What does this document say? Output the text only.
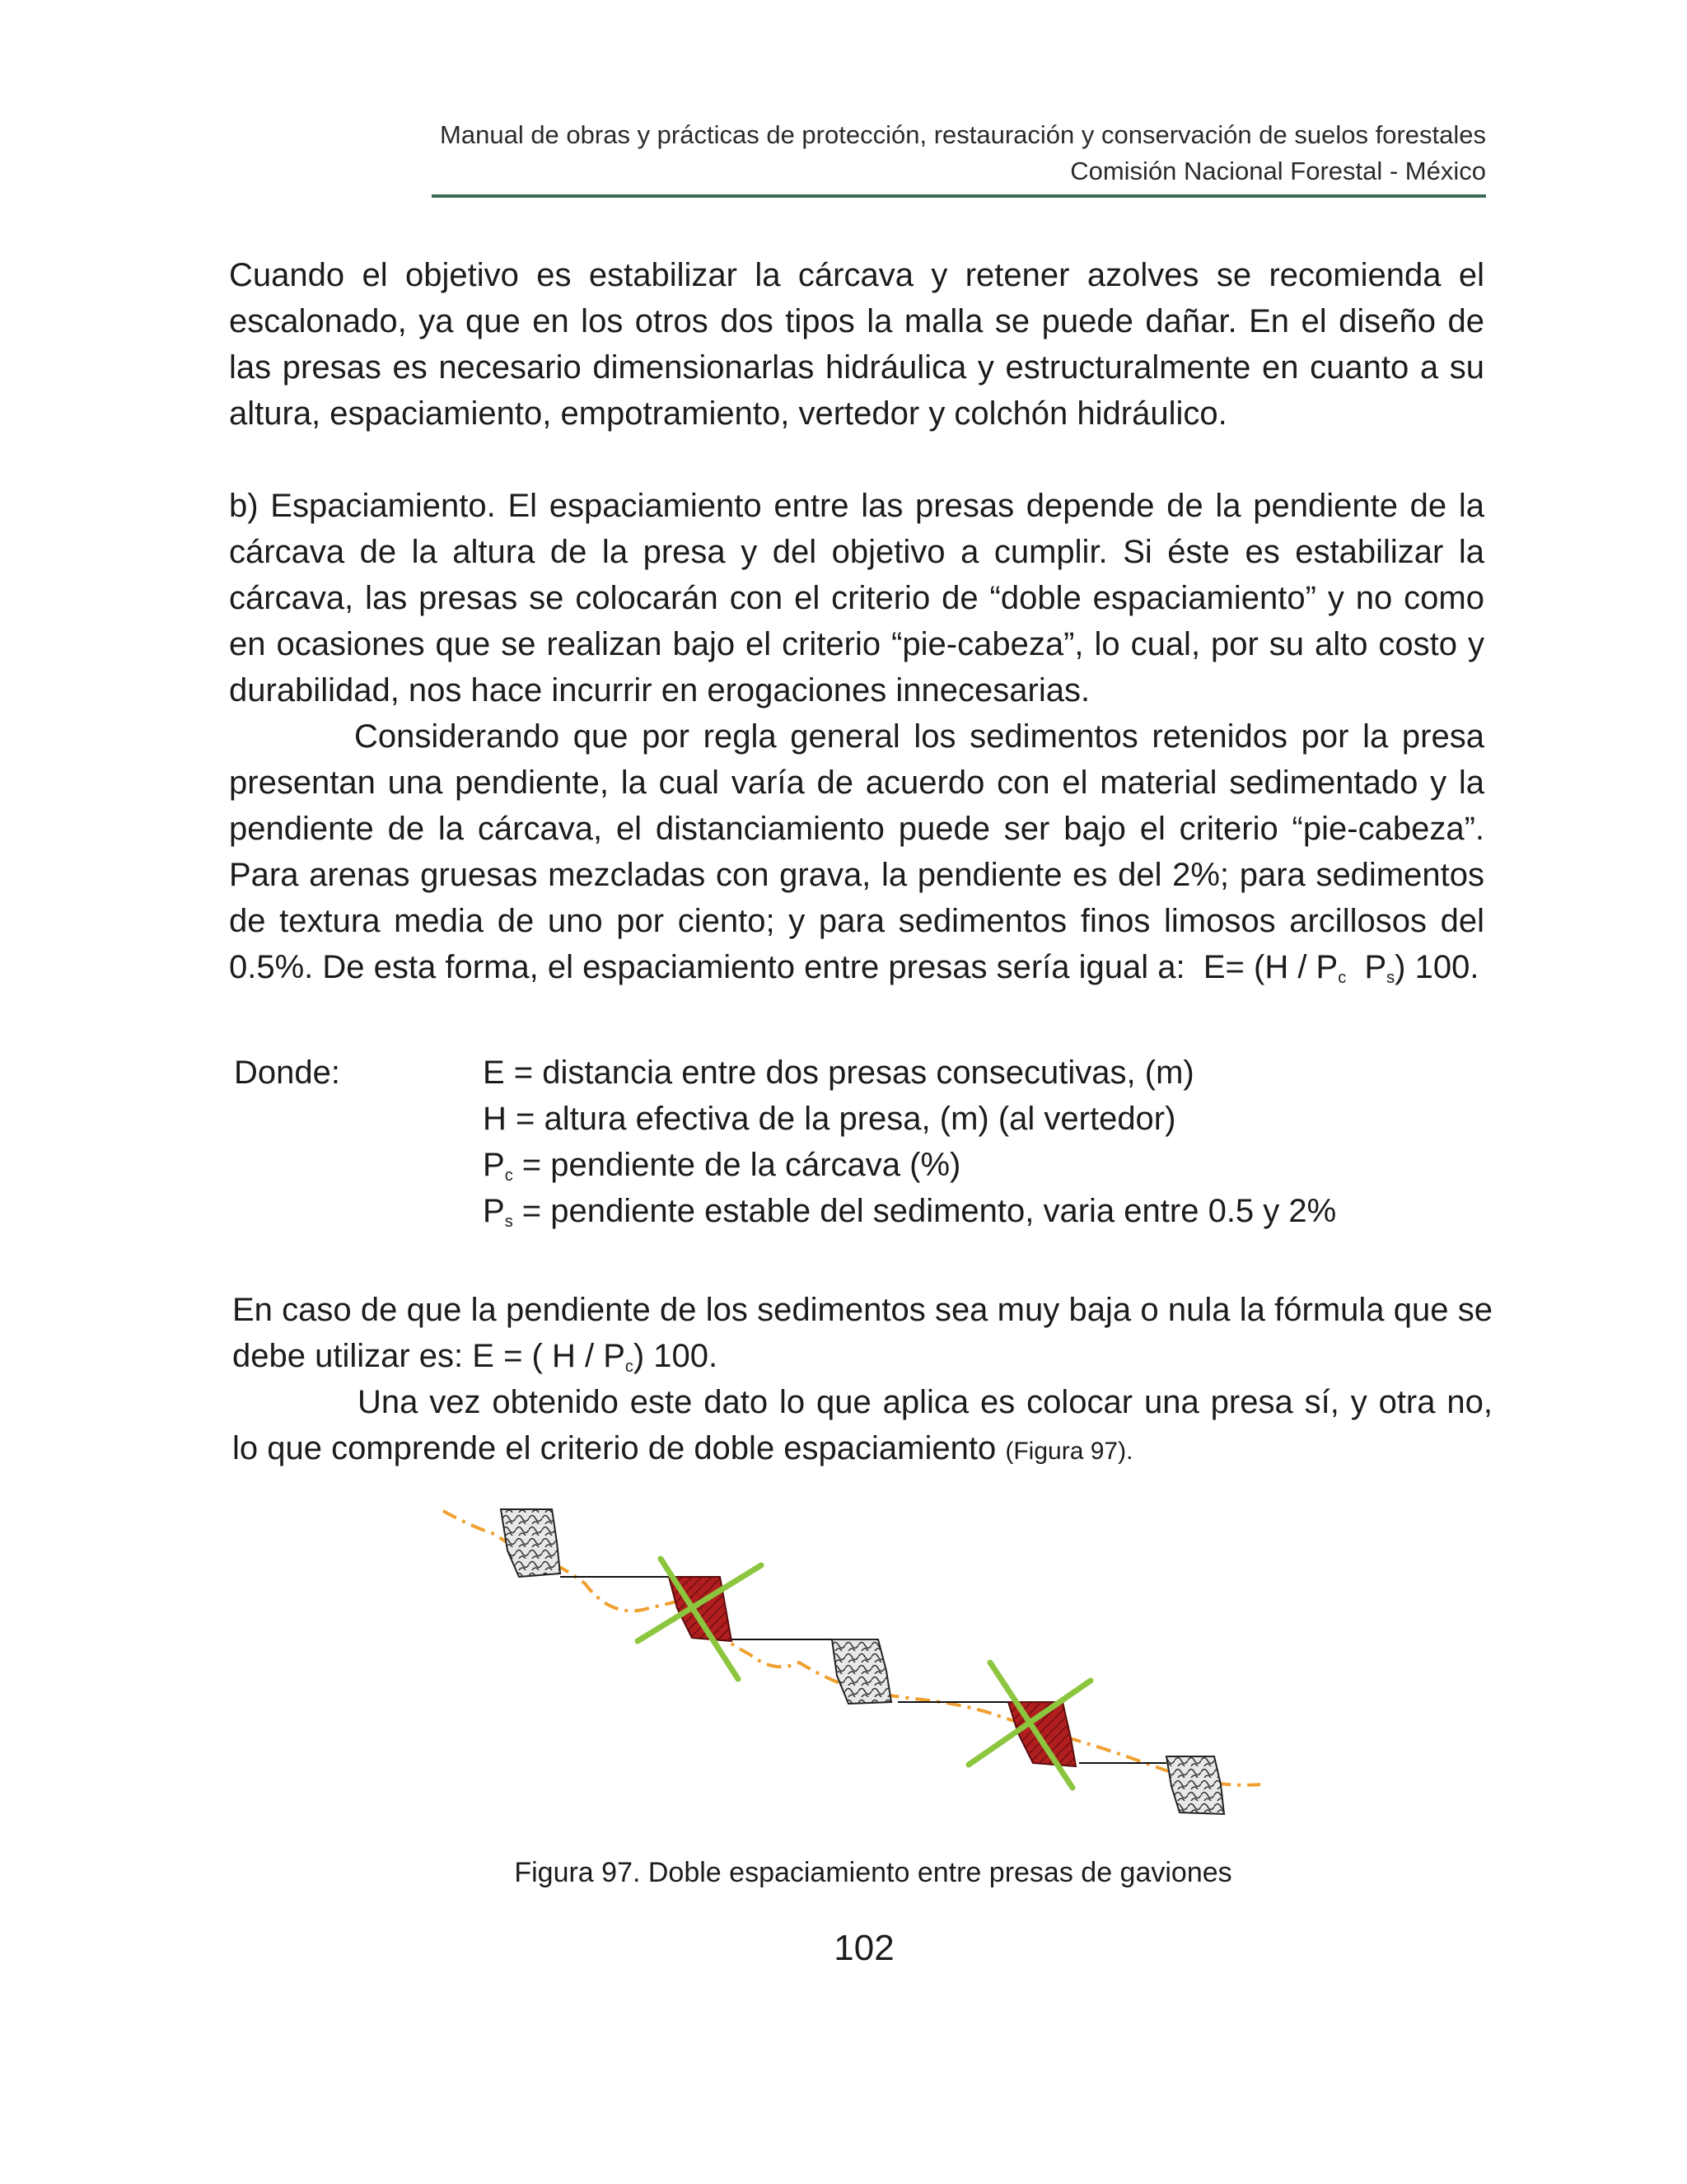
Manual de obras y prácticas de protección, restauración y conservación de suelos forestales
Comisión Nacional Forestal - México

Cuando el objetivo es estabilizar la cárcava y retener azolves se recomienda el escalonado, ya que en los otros dos tipos la malla se puede dañar. En el diseño de las presas es necesario dimensionarlas hidráulica y estructuralmente en cuanto a su altura, espaciamiento, empotramiento, vertedor y colchón hidráulico.

b) Espaciamiento. El espaciamiento entre las presas depende de la pendiente de la cárcava de la altura de la presa y del objetivo a cumplir. Si éste es estabilizar la cárcava, las presas se colocarán con el criterio de “doble espaciamiento” y no como en ocasiones que se realizan bajo el criterio “pie-cabeza”, lo cual, por su alto costo y durabilidad, nos hace incurrir en erogaciones innecesarias.

Considerando que por regla general los sedimentos retenidos por la presa presentan una pendiente, la cual varía de acuerdo con el material sedimentado y la pendiente de la cárcava, el distanciamiento puede ser bajo el criterio “pie-cabeza”. Para arenas gruesas mezcladas con grava, la pendiente es del 2%; para sedimentos de textura media de uno por ciento; y para sedimentos finos limosos arcillosos del 0.5%. De esta forma, el espaciamiento entre presas sería igual a: $E= (H / P_c$ $P_s$) 100.

Donde:	E = distancia entre dos presas consecutivas, (m)
H = altura efectiva de la presa, (m) (al vertedor)
$P_c$ = pendiente de la cárcava (%)
$P_s$ = pendiente estable del sedimento, varia entre 0.5 y 2%

En caso de que la pendiente de los sedimentos sea muy baja o nula la fórmula que se debe utilizar es: E = ( H / $P_c$) 100.

Una vez obtenido este dato lo que aplica es colocar una presa sí, y otra no, lo que comprende el criterio de doble espaciamiento (Figura 97).

Figura 97. Doble espaciamiento entre presas de gaviones
102
